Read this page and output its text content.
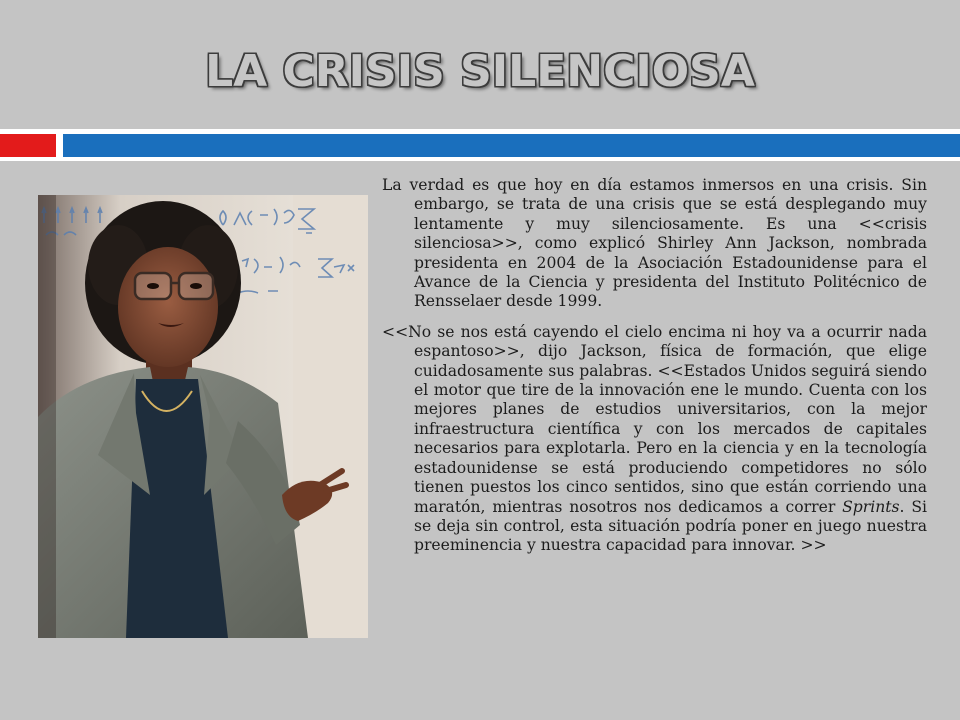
LA CRISIS SILENCIOSA

La verdad es que hoy en día estamos inmersos en una crisis. Sin embargo, se trata de una crisis que se está desplegando muy lentamente y muy silenciosamente. Es una <<crisis silenciosa>>, como explicó Shirley Ann Jackson, nombrada presidenta en 2004 de la Asociación Estadounidense para el Avance de la Ciencia y presidenta del Instituto Politécnico de Rensselaer desde 1999.

<<No se nos está cayendo el cielo encima ni hoy va a ocurrir nada espantoso>>, dijo Jackson, física de formación, que elige cuidadosamente sus palabras. <<Estados Unidos seguirá siendo el motor que tire de la innovación ene le mundo. Cuenta con los mejores planes de estudios universitarios, con la mejor infraestructura científica y con los mercados de capitales necesarios para explotarla. Pero en la ciencia y en la tecnología estadounidense se está produciendo competidores no sólo tienen puestos los cinco sentidos, sino que están corriendo una maratón, mientras nosotros nos dedicamos a correr Sprints. Si se deja sin control, esta situación podría poner en juego nuestra preeminencia y nuestra capacidad para innovar. >>
